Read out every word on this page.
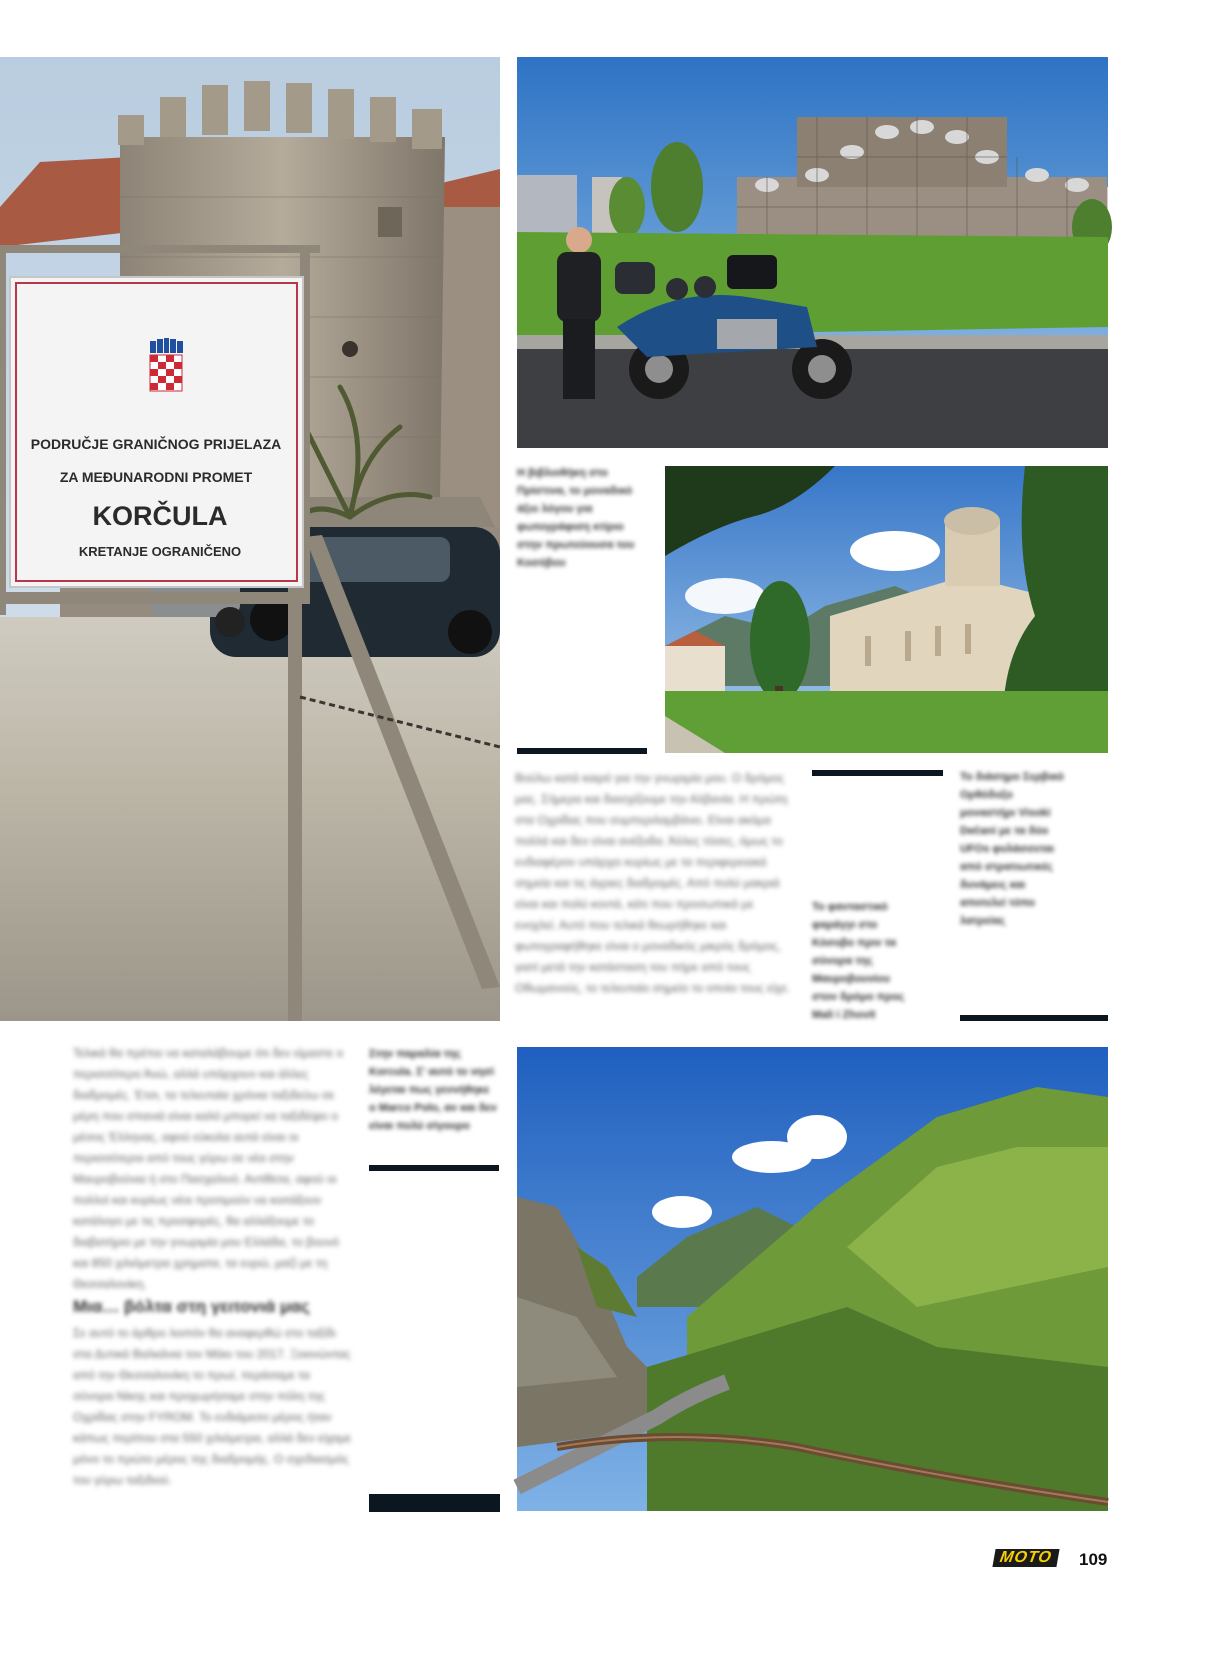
PODRUČJE GRANIČNOG PRIJELAZA
ZA MEĐUNARODNI PROMET
KORČULA
KRETANJE OGRANIČENO
Η βιβλιοθήκη στο Πρίστινα, το μοναδικό άξιο λόγου για φωτογράφιση κτίριο στην πρωτεύουσα του Κοσόβου
Βούλω κατά καιρό για την γνωριμία μου. Ο δρόμος μας. Σήμερα και διασχίζουμε την Αλβανία. Η πρώτη στα Οχρίδας που συμπεριλαμβάνει. Είναι ακόμα πολλά και δεν είναι ανέξοδα. Άλλες τόσες, όμως το ενδιαφέρον υπάρχει κυρίως με τα περιφερειακά σημεία και τις άγριες διαδρομές. Από πολύ μακριά είναι και πολύ κοντά, κάτι που προσωπικά με ενοχλεί. Αυτό που τελικά θεωρήθηκε και φωτογραφήθηκε είναι ο μοναδικός μικρός δρόμος, γιατί μετά την κατάσταση του πήρε από τους Οθωμανούς, το τελευταίο σημείο το οποίο τους είχε.
Το φανταστικό φαράγγι στο Κόσοβο πριν τα σύνορα της Μαυροβουνίου στον δρόμο προς Mali i Zhovit
Το διάσημο Σερβικό Ορθόδοξο μοναστήρι Visoki Dečani με τα δύο UFOs φυλάσσεται από στρατιωτικές δυνάμεις και αποτελεί τόπο λατρείας
Στην παραλία της Korcula. Σ' αυτό το νησί λέγεται πως γεννήθηκε ο Marco Polo, αν και δεν είναι πολύ σίγουρο
Τελικά θα πρέπει να καταλάβουμε ότι δεν είμαστε ο περισσότερο Άνώ, αλλά υπάρχουν και άλλες διαδρομές. Έτσι, τα τελευταία χρόνια ταξιδεύω σε μέρη που σπανιά είναι καλό μπορεί να ταξιδέψει ο μέσος Έλληνας, αφού εύκολα αυτά είναι οι περισσότεροι από τους γύρω σε νέα στην Μαυροβούνια ή στο Πασχαλινό. Αντίθετα, αφού οι πολλοί και κυρίως νέοι προτιμούν να κοιτάξουν κατάλογο με τις προσφορές, θα αλλάξουμε το διαβατήριο με την γνωριμία μου Ελλάδα, το βουνό και 850 χιλιόμετρα χρηματα, τα ευρώ, μαζί με τη Θεσσαλονίκη.
Μια… βόλτα στη γειτονιά μας
Σε αυτό το άρθρο λοιπόν θα αναφερθώ στο ταξίδι στα Δυτικά Βαλκάνια τον Μάιο του 2017. Ξεκινώντας από την Θεσσαλονίκη το πρωί, περάσαμε τα σύνορα Νίκης και προχωρήσαμε στην πόλη της Οχρίδας στην FYROM. Το ενδιάμεσο μέρος ήταν κάπως περίπου στα 550 χιλιόμετρα, αλλά δεν είχαμε μόνο το πρώτο μέρος της διαδρομής. Ο σχεδιασμός του γύρω ταξιδιού.
MOTO	109
